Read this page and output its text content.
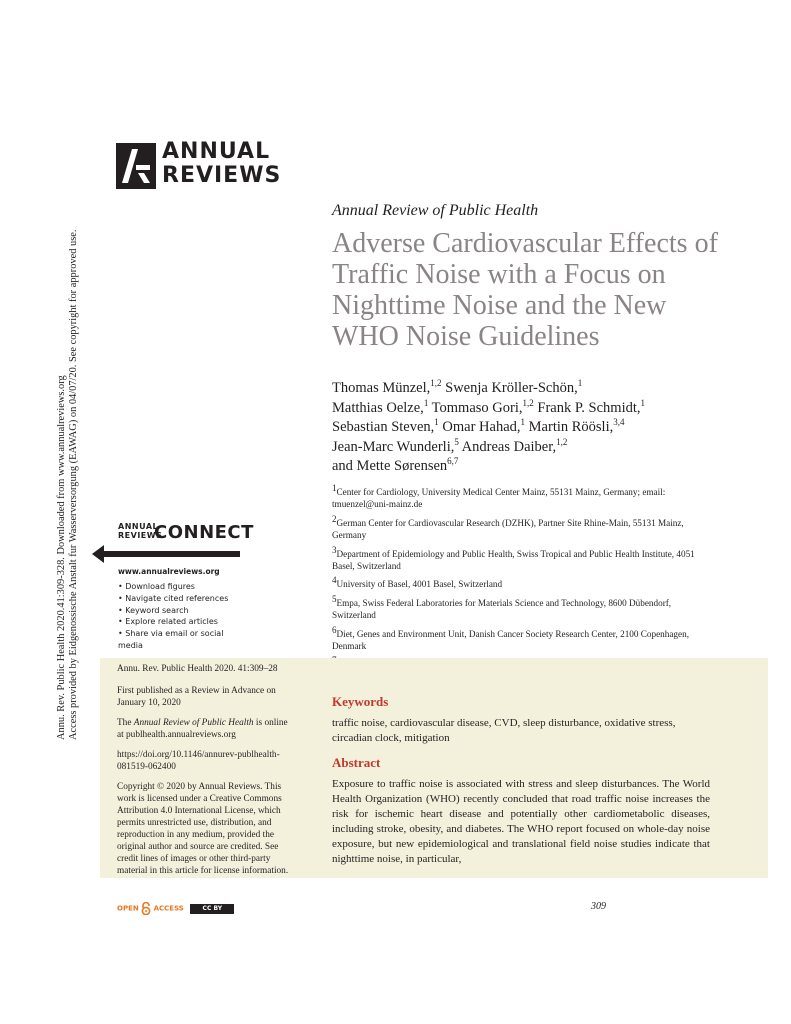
ANNUAL
REVIEWS
Annu. Rev. Public Health 2020.41:309-328. Downloaded from www.annualreviews.org Access provided by Eidgenossische Anstalt fur Wasserversorgung (EAWAG) on 04/07/20. See copyright for approved use.
Annual Review of Public Health
Adverse Cardiovascular Effects of Traffic Noise with a Focus on Nighttime Noise and the New WHO Noise Guidelines
Thomas Münzel,$^{1,2}$ Swenja Kröller-Schön,$^1$
Matthias Oelze,$^1$ Tommaso Gori,$^{1,2}$ Frank P. Schmidt,$^1$
Sebastian Steven,$^1$ Omar Hahad,$^1$ Martin Röösli,$^{3,4}$
Jean-Marc Wunderli,$^5$ Andreas Daiber,$^{1,2}$
and Mette Sørensen$^{6,7}$
$^1$Center for Cardiology, University Medical Center Mainz, 55131 Mainz, Germany; email: tmuenzel@uni-mainz.de
$^2$German Center for Cardiovascular Research (DZHK), Partner Site Rhine-Main, 55131 Mainz, Germany
$^3$Department of Epidemiology and Public Health, Swiss Tropical and Public Health Institute, 4051 Basel, Switzerland
$^4$University of Basel, 4001 Basel, Switzerland
$^5$Empa, Swiss Federal Laboratories for Materials Science and Technology, 8600 Dübendorf, Switzerland
$^6$Diet, Genes and Environment Unit, Danish Cancer Society Research Center, 2100 Copenhagen, Denmark
ANNUAL
REVIEWS
CONNECT
www.annualreviews.org
• Download figures
• Navigate cited references
• Keyword search
• Explore related articles
• Share via email or social media

Annu. Rev. Public Health 2020. 41:309–28

First published as a Review in Advance on January 10, 2020

The Annual Review of Public Health is online at publhealth.annualreviews.org

https://doi.org/10.1146/annurev-publhealth-081519-062400

Copyright © 2020 by Annual Reviews. This work is licensed under a Creative Commons Attribution 4.0 International License, which permits unrestricted use, distribution, and reproduction in any medium, provided the original author and source are credited. See credit lines of images or other third-party material in this article for license information.

Keywords
traffic noise, cardiovascular disease, CVD, sleep disturbance, oxidative stress, circadian clock, mitigation
Abstract
Exposure to traffic noise is associated with stress and sleep disturbances. The World Health Organization (WHO) recently concluded that road traffic noise increases the risk for ischemic heart disease and potentially other cardiometabolic diseases, including stroke, obesity, and diabetes. The WHO report focused on whole-day noise exposure, but new epidemiological and translational field noise studies indicate that nighttime noise, in particular,
309
OPEN ACCESS	CC BY
